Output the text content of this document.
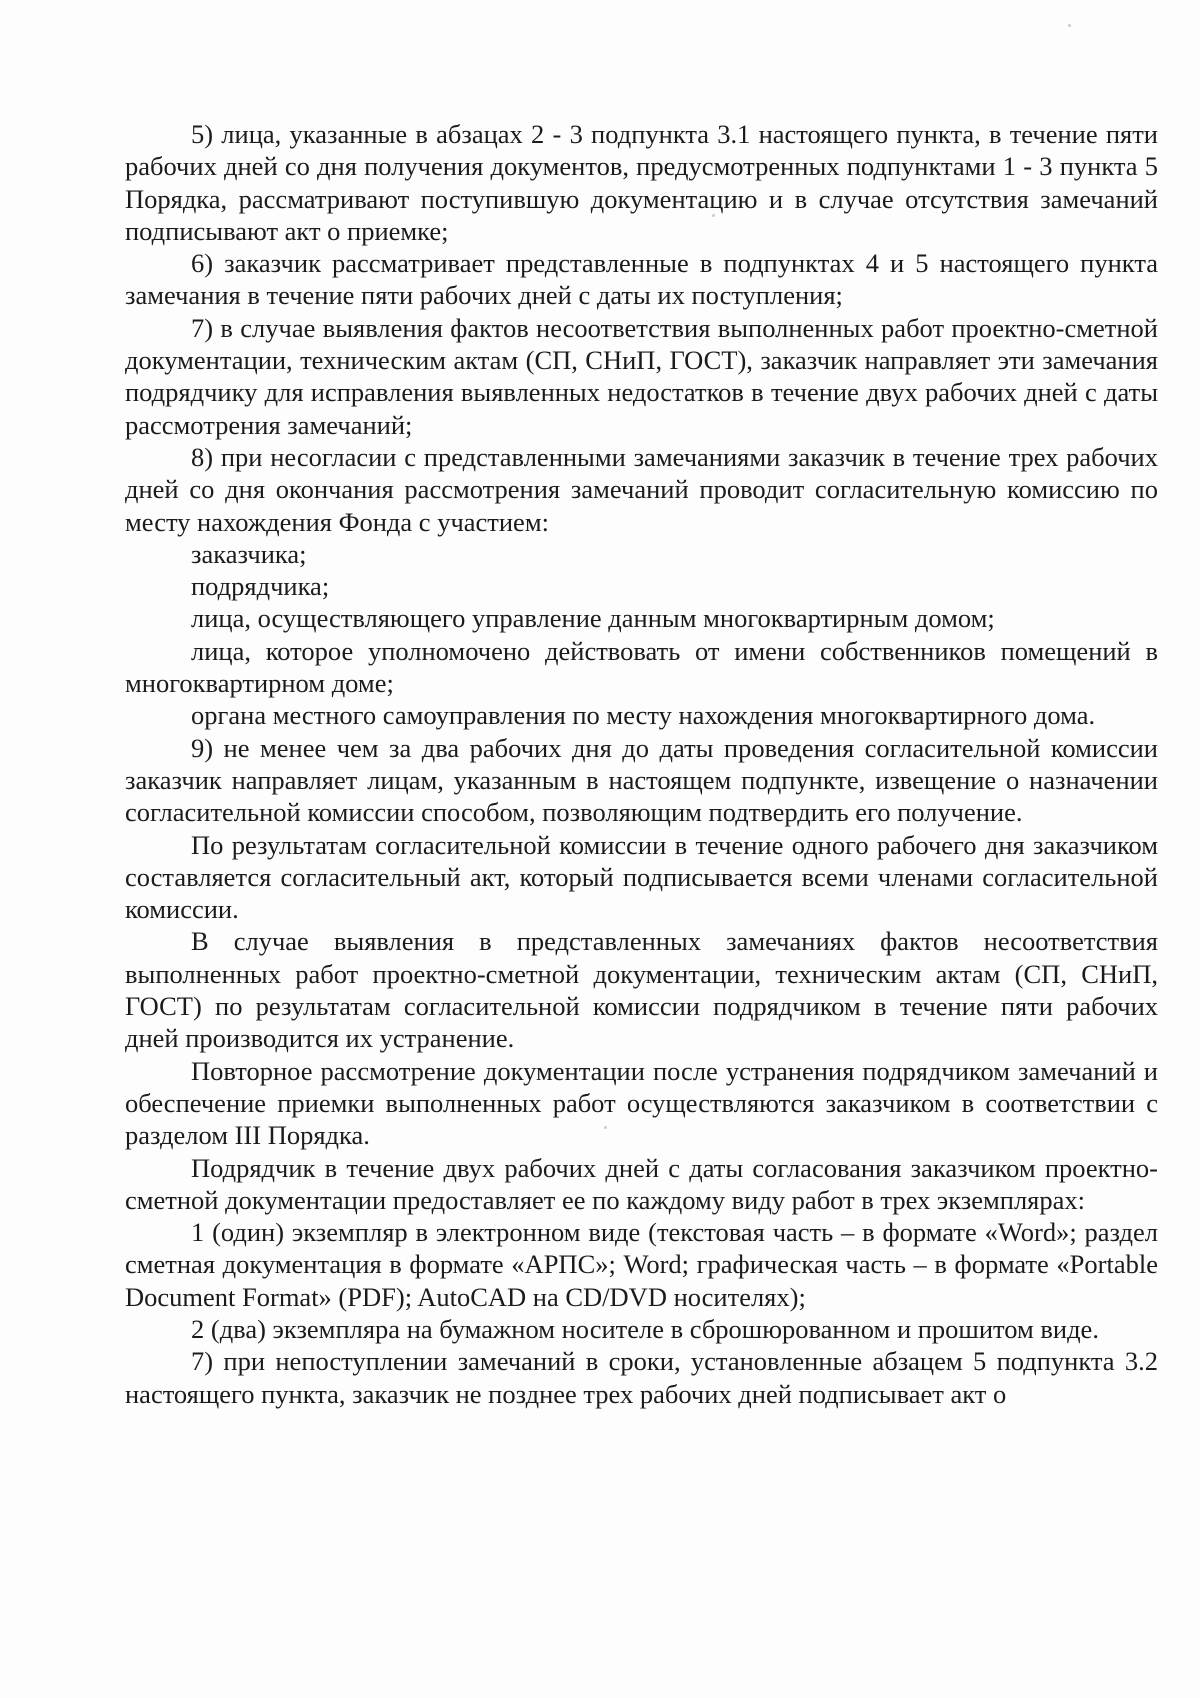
5) лица, указанные в абзацах 2 - 3 подпункта 3.1 настоящего пункта, в течение пяти рабочих дней со дня получения документов, предусмотренных подпунктами 1 - 3 пункта 5 Порядка, рассматривают поступившую документацию и в случае отсутствия замечаний подписывают акт о приемке;

6) заказчик рассматривает представленные в подпунктах 4 и 5 настоящего пункта замечания в течение пяти рабочих дней с даты их поступления;

7) в случае выявления фактов несоответствия выполненных работ проектно-сметной документации, техническим актам (СП, СНиП, ГОСТ), заказчик направляет эти замечания подрядчику для исправления выявленных недостатков в течение двух рабочих дней с даты рассмотрения замечаний;

8) при несогласии с представленными замечаниями заказчик в течение трех рабочих дней со дня окончания рассмотрения замечаний проводит согласительную комиссию по месту нахождения Фонда с участием:

заказчика;

подрядчика;

лица, осуществляющего управление данным многоквартирным домом;

лица, которое уполномочено действовать от имени собственников помещений в многоквартирном доме;

органа местного самоуправления по месту нахождения многоквартирного дома.

9) не менее чем за два рабочих дня до даты проведения согласительной комиссии заказчик направляет лицам, указанным в настоящем подпункте, извещение о назначении согласительной комиссии способом, позволяющим подтвердить его получение.

По результатам согласительной комиссии в течение одного рабочего дня заказчиком составляется согласительный акт, который подписывается всеми членами согласительной комиссии.

В случае выявления в представленных замечаниях фактов несоответствия выполненных работ проектно-сметной документации, техническим актам (СП, СНиП, ГОСТ) по результатам согласительной комиссии подрядчиком в течение пяти рабочих дней производится их устранение.

Повторное рассмотрение документации после устранения подрядчиком замечаний и обеспечение приемки выполненных работ осуществляются заказчиком в соответствии с разделом III Порядка.

Подрядчик в течение двух рабочих дней с даты согласования заказчиком проектно-сметной документации предоставляет ее по каждому виду работ в трех экземплярах:

1 (один) экземпляр в электронном виде (текстовая часть – в формате «Word»; раздел сметная документация в формате «АРПС»; Word; графическая часть – в формате «Portable Document Format» (PDF); AutoCAD на CD/DVD носителях);

2 (два) экземпляра на бумажном носителе в сброшюрованном и прошитом виде.

7) при непоступлении замечаний в сроки, установленные абзацем 5 подпункта 3.2 настоящего пункта, заказчик не позднее трех рабочих дней подписывает акт о
